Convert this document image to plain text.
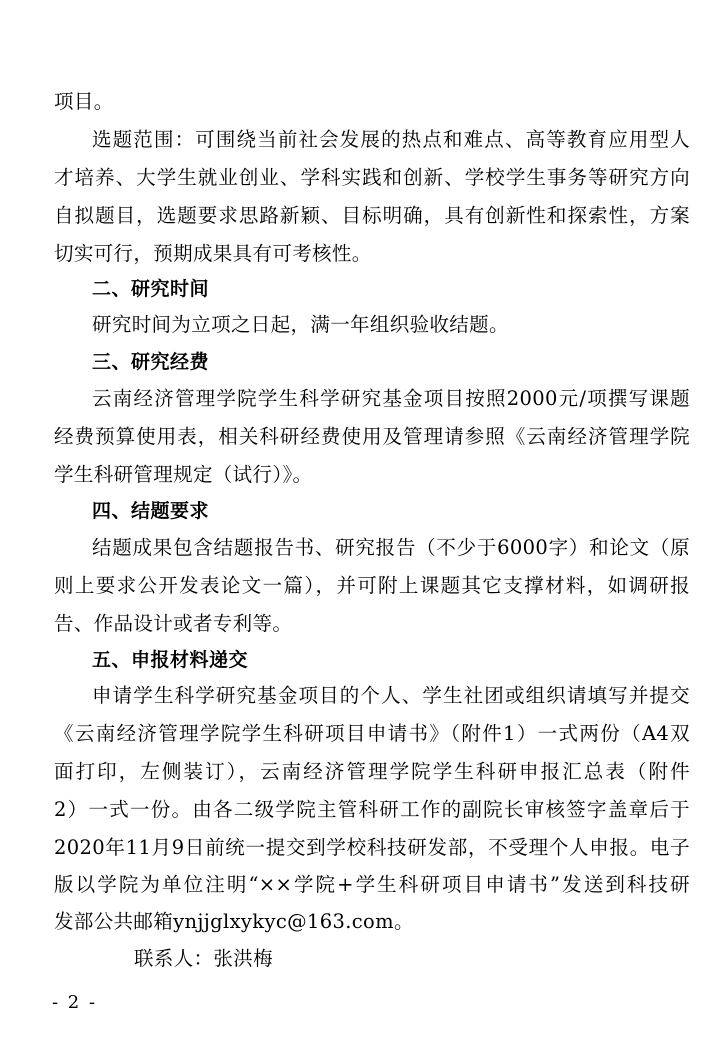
项目。
选题范围：可围绕当前社会发展的热点和难点、高等教育应用型人
才培养、大学生就业创业、学科实践和创新、学校学生事务等研究方向
自拟题目，选题要求思路新颖、目标明确，具有创新性和探索性，方案
切实可行，预期成果具有可考核性。
二、研究时间
研究时间为立项之日起，满一年组织验收结题。
三、研究经费
云南经济管理学院学生科学研究基金项目按照2000元/项撰写课题
经费预算使用表，相关科研经费使用及管理请参照《云南经济管理学院
学生科研管理规定（试行）》。
四、结题要求
结题成果包含结题报告书、研究报告（不少于6000字）和论文（原
则上要求公开发表论文一篇），并可附上课题其它支撑材料，如调研报
告、作品设计或者专利等。
五、申报材料递交
申请学生科学研究基金项目的个人、学生社团或组织请填写并提交
《云南经济管理学院学生科研项目申请书》（附件1）一式两份（A4双
面打印，左侧装订），云南经济管理学院学生科研申报汇总表（附件
2）一式一份。由各二级学院主管科研工作的副院长审核签字盖章后于
2020年11月9日前统一提交到学校科技研发部，不受理个人申报。电子
版以学院为单位注明“××学院+学生科研项目申请书”发送到科技研
发部公共邮箱ynjjglxykyc@163.com。
联系人：张洪梅
- 2 -
